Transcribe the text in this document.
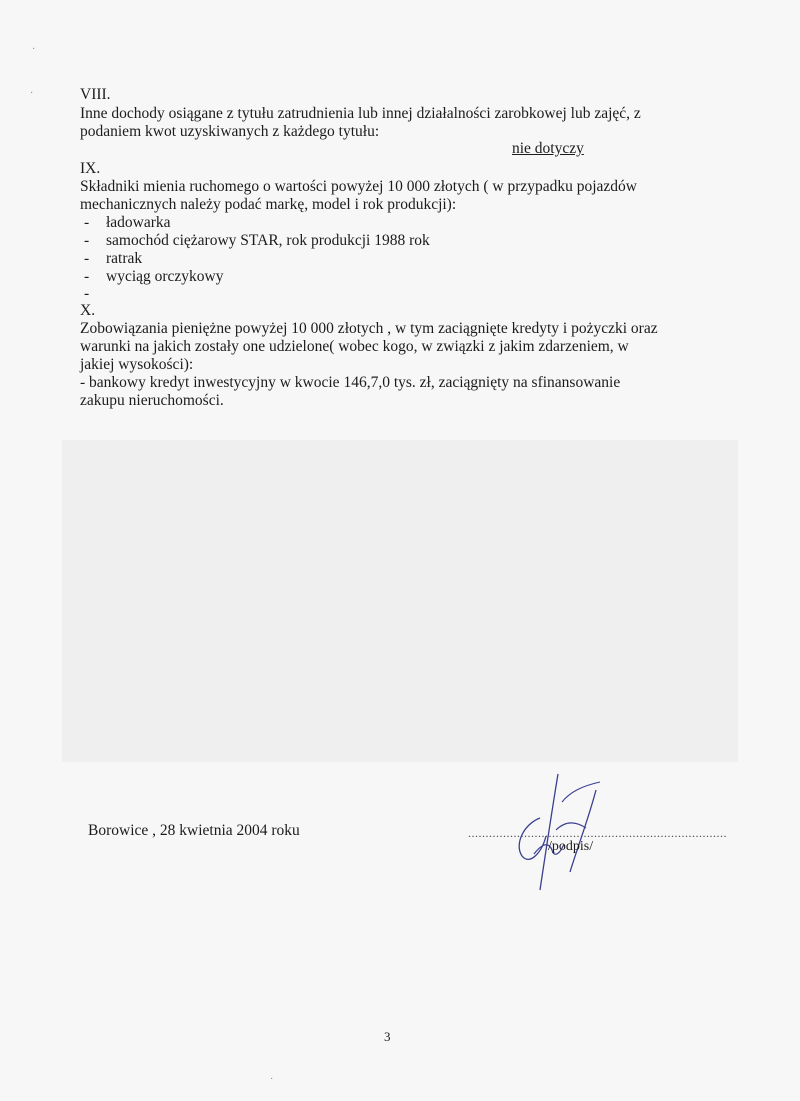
VIII.
Inne dochody osiągane z tytułu zatrudnienia lub innej działalności zarobkowej lub zajęć, z
podaniem kwot uzyskiwanych z każdego tytułu:
nie dotyczy
IX.
Składniki mienia ruchomego o wartości powyżej 10 000 złotych ( w przypadku pojazdów
mechanicznych należy podać markę, model i rok produkcji):
- ładowarka
- samochód ciężarowy STAR, rok produkcji 1988 rok
- ratrak
- wyciąg orczykowy
-
X.
Zobowiązania pieniężne powyżej 10 000 złotych , w tym zaciągnięte kredyty i pożyczki oraz
warunki na jakich zostały one udzielone( wobec kogo, w związki z jakim zdarzeniem, w
jakiej wysokości):
- bankowy kredyt inwestycyjny w kwocie 146,7,0 tys. zł, zaciągnięty na sfinansowanie
zakupu nieruchomości.
Borowice , 28 kwietnia 2004 roku	..........................................................................
/podpis/
3
·
·
·
